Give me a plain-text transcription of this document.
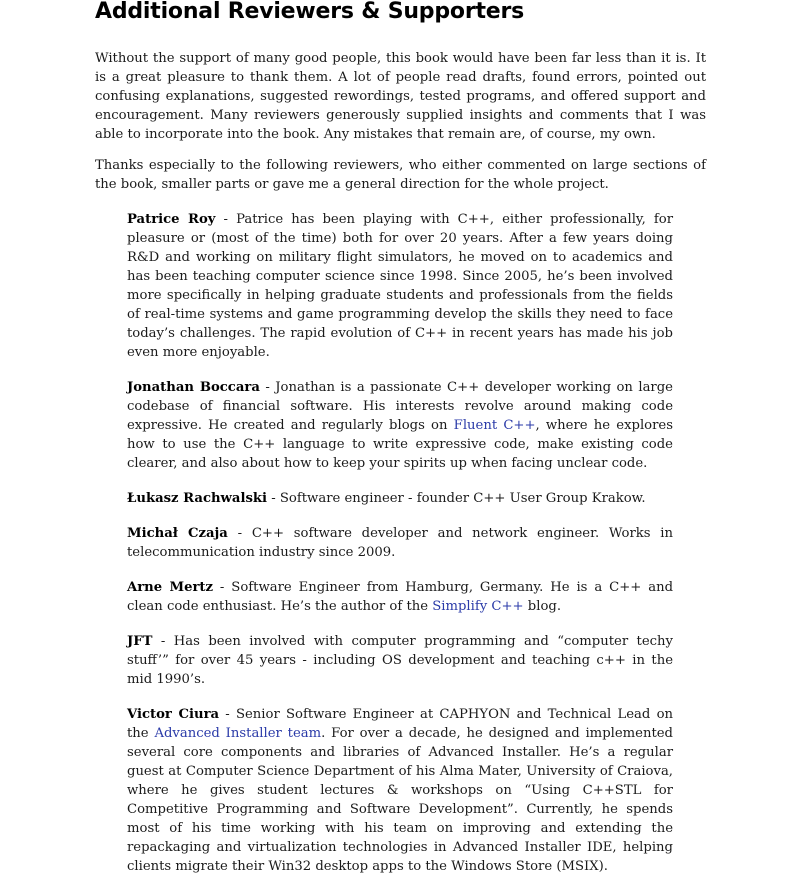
Additional Reviewers & Supporters

Without the support of many good people, this book would have been far less than it is. It is a great pleasure to thank them. A lot of people read drafts, found errors, pointed out confusing explanations, suggested rewordings, tested programs, and offered support and encouragement. Many reviewers generously supplied insights and comments that I was able to incorporate into the book. Any mistakes that remain are, of course, my own.

Thanks especially to the following reviewers, who either commented on large sections of the book, smaller parts or gave me a general direction for the whole project.

Patrice Roy - Patrice has been playing with C++, either professionally, for pleasure or (most of the time) both for over 20 years. After a few years doing R&D and working on military flight simulators, he moved on to academics and has been teaching computer science since 1998. Since 2005, he’s been involved more specifically in helping graduate students and professionals from the fields of real-time systems and game programming develop the skills they need to face today’s challenges. The rapid evolution of C++ in recent years has made his job even more enjoyable.
Jonathan Boccara - Jonathan is a passionate C++ developer working on large codebase of financial software. His interests revolve around making code expressive. He created and regularly blogs on Fluent C++, where he explores how to use the C++ language to write expressive code, make existing code clearer, and also about how to keep your spirits up when facing unclear code.
Łukasz Rachwalski - Software engineer - founder C++ User Group Krakow.
Michał Czaja - C++ software developer and network engineer. Works in telecommunication industry since 2009.
Arne Mertz - Software Engineer from Hamburg, Germany. He is a C++ and clean code enthusiast. He’s the author of the Simplify C++ blog.
JFT - Has been involved with computer programming and “computer techy stuff’” for over 45 years - including OS development and teaching c++ in the mid 1990’s.
Victor Ciura - Senior Software Engineer at CAPHYON and Technical Lead on the Advanced Installer team. For over a decade, he designed and implemented several core components and libraries of Advanced Installer. He’s a regular guest at Computer Science Department of his Alma Mater, University of Craiova, where he gives student lectures & workshops on “Using C++STL for Competitive Programming and Software Development”. Currently, he spends most of his time working with his team on improving and extending the repackaging and virtualization technologies in Advanced Installer IDE, helping clients migrate their Win32 desktop apps to the Windows Store (MSIX).
